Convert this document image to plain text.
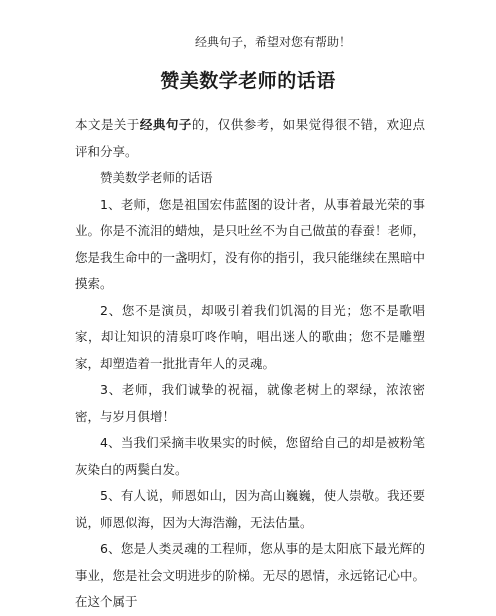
经典句子，希望对您有帮助！
赞美数学老师的话语

本文是关于经典句子的，仅供参考，如果觉得很不错，欢迎点评和分享。

赞美数学老师的话语

1、老师，您是祖国宏伟蓝图的设计者，从事着最光荣的事业。你是不流泪的蜡烛，是只吐丝不为自己做茧的春蚕！老师，您是我生命中的一盏明灯，没有你的指引，我只能继续在黑暗中摸索。

2、您不是演员，却吸引着我们饥渴的目光；您不是歌唱家，却让知识的清泉叮咚作响，唱出迷人的歌曲；您不是雕塑家，却塑造着一批批青年人的灵魂。

3、老师，我们诚挚的祝福，就像老树上的翠绿，浓浓密密，与岁月俱增！

4、当我们采摘丰收果实的时候，您留给自己的却是被粉笔灰染白的两鬓白发。

5、有人说，师恩如山，因为高山巍巍，使人崇敬。我还要说，师恩似海，因为大海浩瀚，无法估量。

6、您是人类灵魂的工程师，您从事的是太阳底下最光辉的事业，您是社会文明进步的阶梯。无尽的恩情，永远铭记心中。在这个属于
